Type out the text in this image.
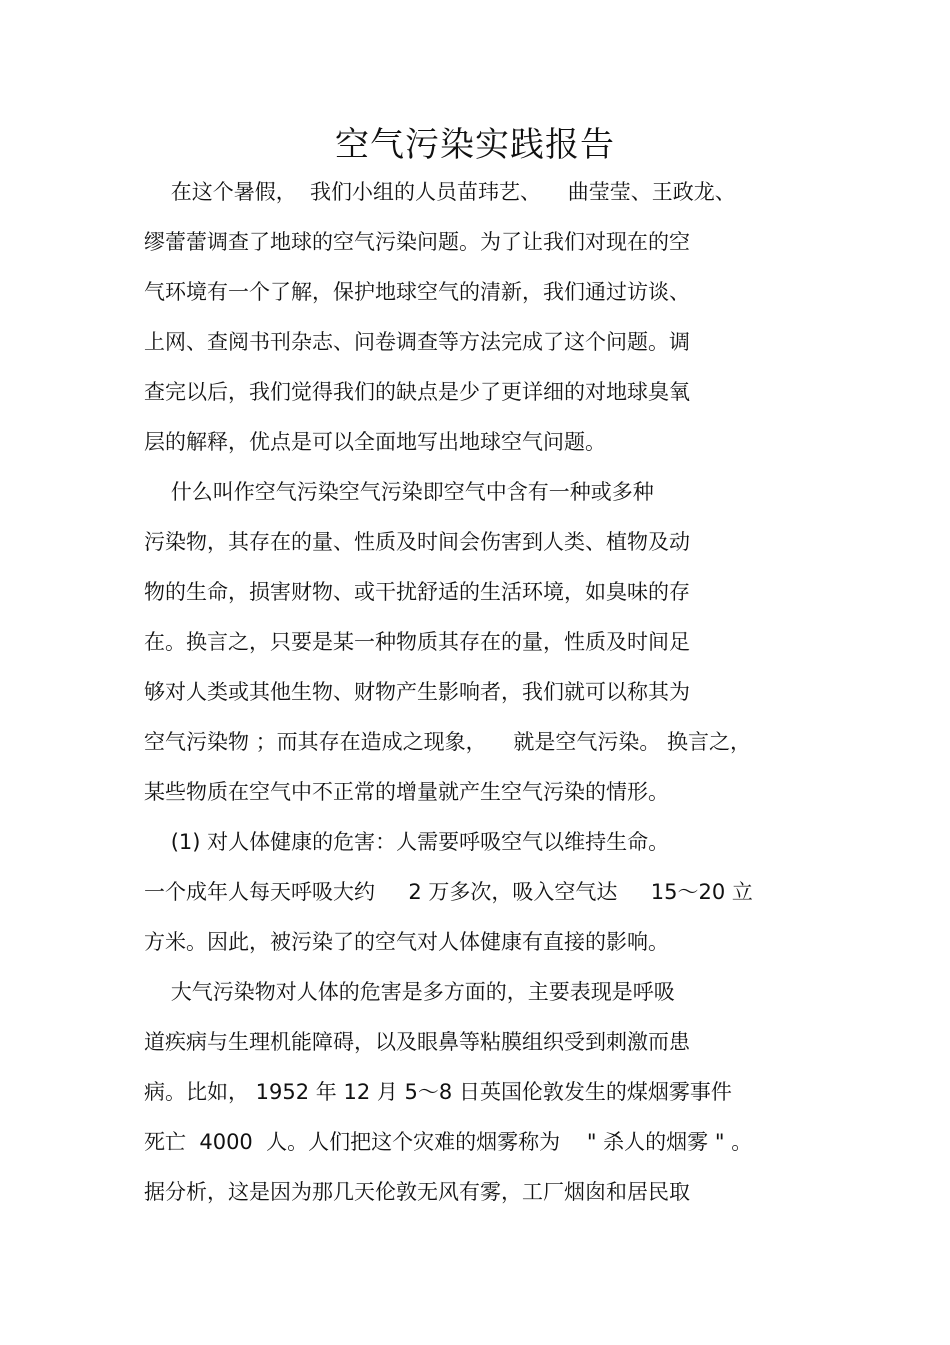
空气污染实践报告

在这个暑假，  我们小组的人员苗玮艺、    曲莹莹、王政龙、

缪蕾蕾调查了地球的空气污染问题。为了让我们对现在的空

气环境有一个了解，保护地球空气的清新，我们通过访谈、

上网、查阅书刊杂志、问卷调查等方法完成了这个问题。调

查完以后，我们觉得我们的缺点是少了更详细的对地球臭氧

层的解释，优点是可以全面地写出地球空气问题。

什么叫作空气污染空气污染即空气中含有一种或多种

污染物，其存在的量、性质及时间会伤害到人类、植物及动

物的生命，损害财物、或干扰舒适的生活环境，如臭味的存

在。换言之，只要是某一种物质其存在的量，性质及时间足

够对人类或其他生物、财物产生影响者，我们就可以称其为

空气污染物 ；而其存在造成之现象，    就是空气污染。 换言之，

某些物质在空气中不正常的增量就产生空气污染的情形。

(1) 对人体健康的危害：人需要呼吸空气以维持生命。

一个成年人每天呼吸大约     2 万多次，吸入空气达     15～20 立

方米。因此，被污染了的空气对人体健康有直接的影响。

大气污染物对人体的危害是多方面的，主要表现是呼吸

道疾病与生理机能障碍，以及眼鼻等粘膜组织受到刺激而患

病。比如， 1952 年 12 月 5～8 日英国伦敦发生的煤烟雾事件

死亡  4000  人。人们把这个灾难的烟雾称为    " 杀人的烟雾 " 。

据分析，这是因为那几天伦敦无风有雾，工厂烟囱和居民取
